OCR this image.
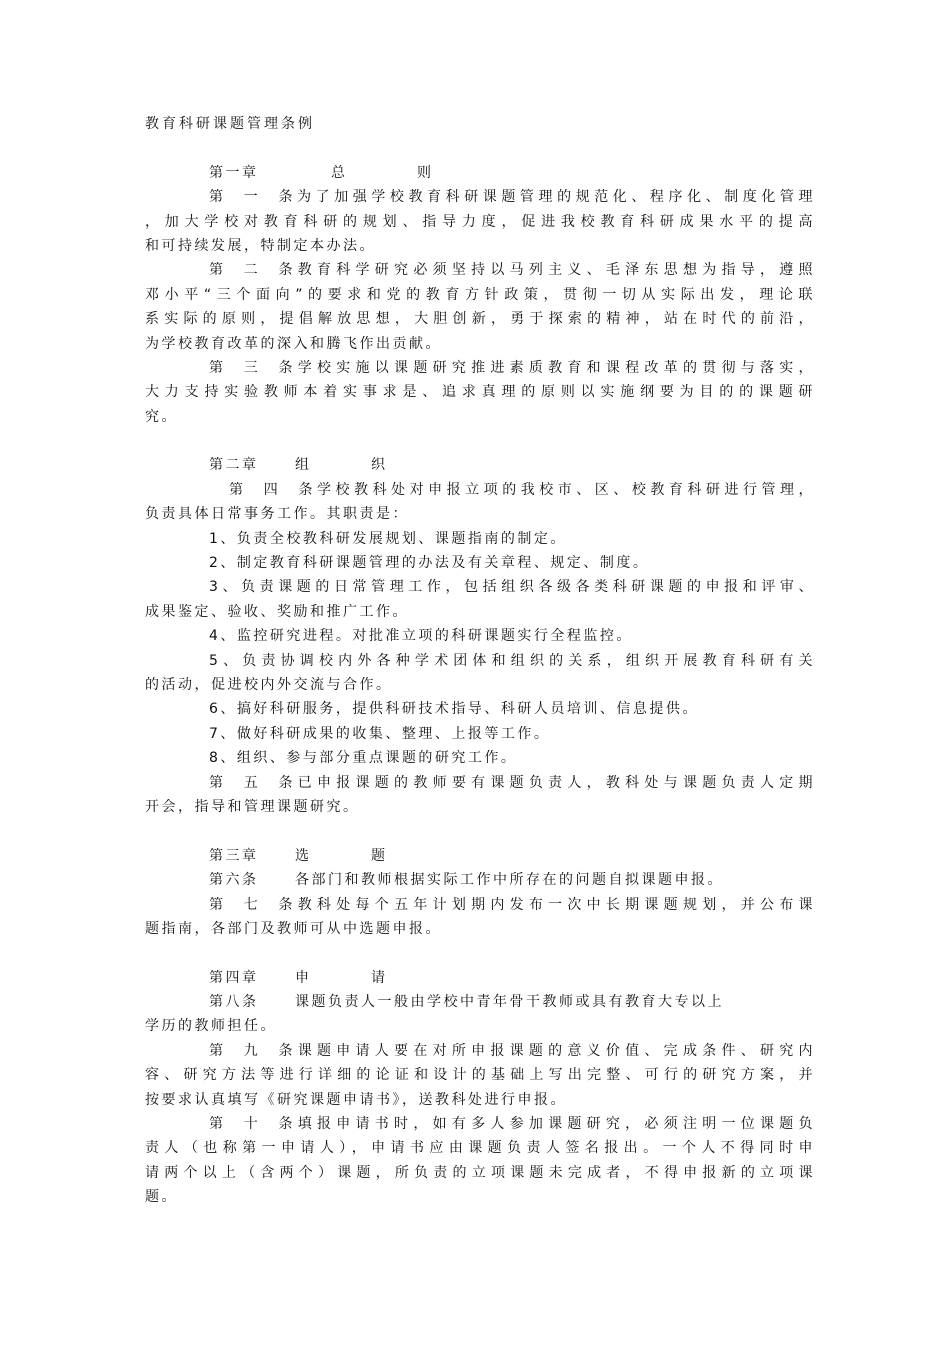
教育科研课题管理条例
第一章	总	则
第一条为了加强学校教育科研课题管理的规范化、程序化、制度化管理
，加大学校对教育科研的规划、指导力度，促进我校教育科研成果水平的提高
和可持续发展，特制定本办法。
第二条教育科学研究必须坚持以马列主义、毛泽东思想为指导，遵照
邓小平“三个面向”的要求和党的教育方针政策，贯彻一切从实际出发，理论联
系实际的原则，提倡解放思想，大胆创新，勇于探索的精神，站在时代的前沿，
为学校教育改革的深入和腾飞作出贡献。
第三条学校实施以课题研究推进素质教育和课程改革的贯彻与落实，
大力支持实验教师本着实事求是、追求真理的原则以实施纲要为目的的课题研
究。
第二章	组	织
第四条学校教科处对申报立项的我校市、区、校教育科研进行管理，
负责具体日常事务工作。其职责是：
1、负责全校教科研发展规划、课题指南的制定。
2、制定教育科研课题管理的办法及有关章程、规定、制度。
3、负责课题的日常管理工作，包括组织各级各类科研课题的申报和评审、
成果鉴定、验收、奖励和推广工作。
4、监控研究进程。对批准立项的科研课题实行全程监控。
5、负责协调校内外各种学术团体和组织的关系，组织开展教育科研有关
的活动，促进校内外交流与合作。
6、搞好科研服务，提供科研技术指导、科研人员培训、信息提供。
7、做好科研成果的收集、整理、上报等工作。
8、组织、参与部分重点课题的研究工作。
第五条已申报课题的教师要有课题负责人，教科处与课题负责人定期
开会，指导和管理课题研究。
第三章	选	题
第六条	各部门和教师根据实际工作中所存在的问题自拟课题申报。
第七条教科处每个五年计划期内发布一次中长期课题规划，并公布课
题指南，各部门及教师可从中选题申报。
第四章	申	请
第八条	课题负责人一般由学校中青年骨干教师或具有教育大专以上
学历的教师担任。
第九条课题申请人要在对所申报课题的意义价值、完成条件、研究内
容、研究方法等进行详细的论证和设计的基础上写出完整、可行的研究方案，并
按要求认真填写《研究课题申请书》，送教科处进行申报。
第十条填报申请书时，如有多人参加课题研究，必须注明一位课题负
责人（也称第一申请人），申请书应由课题负责人签名报出。一个人不得同时申
请两个以上（含两个）课题，所负责的立项课题未完成者，不得申报新的立项课
题。
